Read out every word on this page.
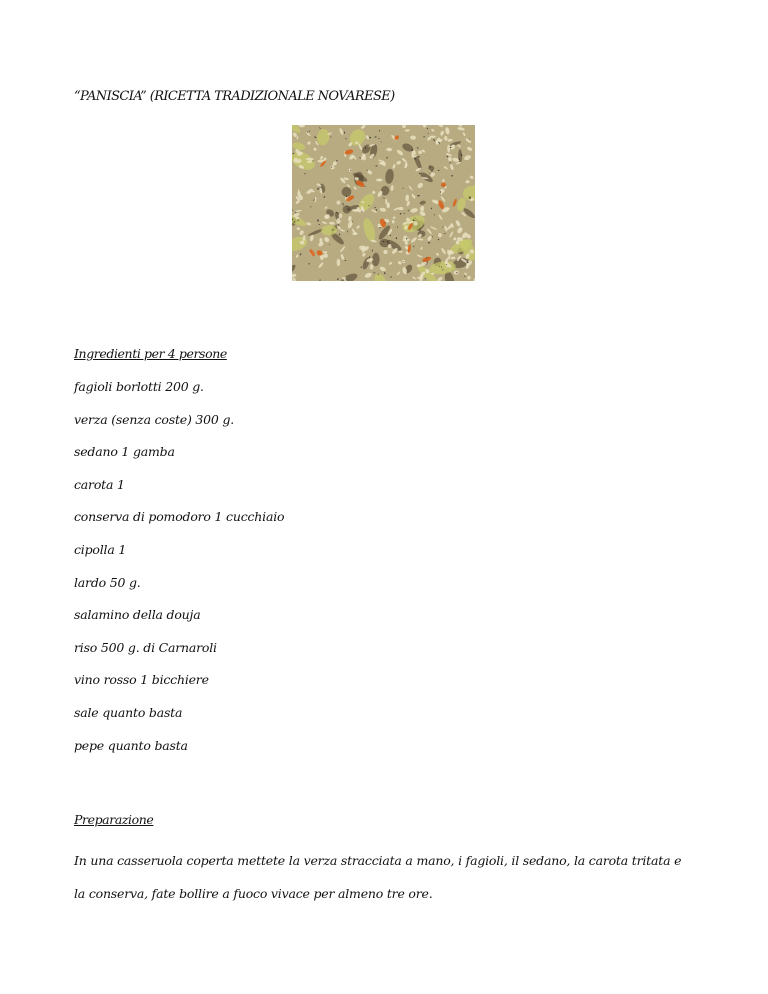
“PANISCIA” (RICETTA TRADIZIONALE NOVARESE)
Ingredienti per 4 persone
fagioli borlotti 200 g.
verza (senza coste) 300 g.
sedano 1 gamba
carota 1
conserva di pomodoro 1 cucchiaio
cipolla 1
lardo 50 g.
salamino della douja
riso 500 g. di Carnaroli
vino rosso 1 bicchiere
sale quanto basta
pepe quanto basta
Preparazione

In una casseruola coperta mettete la verza stracciata a mano, i fagioli, il sedano, la carota tritata e
la conserva, fate bollire a fuoco vivace per almeno tre ore.
